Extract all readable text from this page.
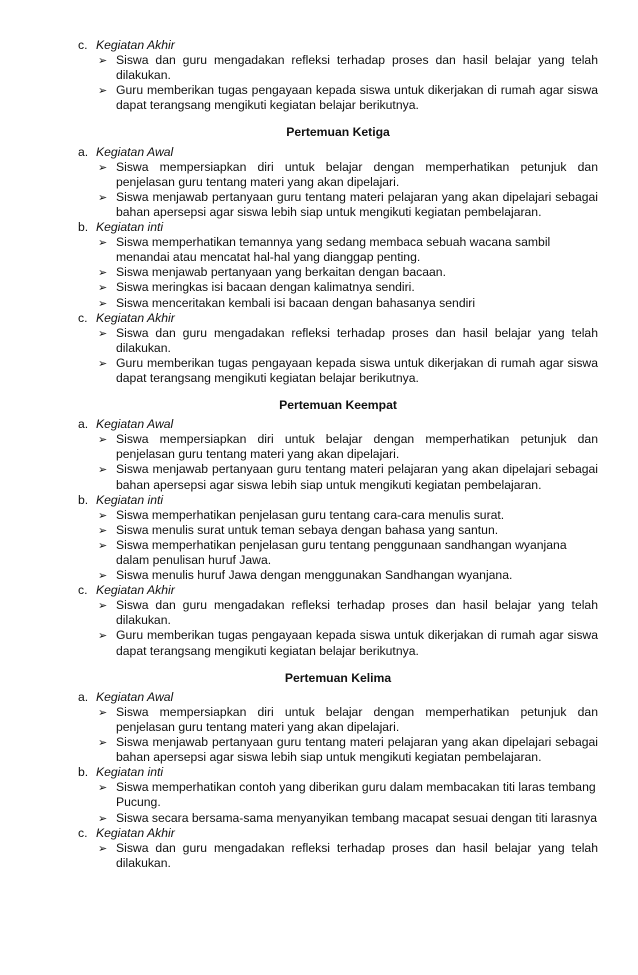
c. Kegiatan Akhir
➢ Siswa dan guru mengadakan refleksi terhadap proses dan hasil belajar yang telah dilakukan.
➢ Guru memberikan tugas pengayaan kepada siswa untuk dikerjakan di rumah agar siswa dapat terangsang mengikuti kegiatan belajar berikutnya.
Pertemuan Ketiga
a. Kegiatan Awal
➢ Siswa mempersiapkan diri untuk belajar dengan memperhatikan petunjuk dan penjelasan guru tentang materi yang akan dipelajari.
➢ Siswa menjawab pertanyaan guru tentang materi pelajaran yang akan dipelajari sebagai bahan apersepsi agar siswa lebih siap untuk mengikuti kegiatan pembelajaran.
b. Kegiatan inti
➢ Siswa memperhatikan temannya yang sedang membaca sebuah wacana sambil menandai atau mencatat hal-hal yang dianggap penting.
➢ Siswa menjawab pertanyaan yang berkaitan dengan bacaan.
➢ Siswa meringkas isi bacaan dengan kalimatnya sendiri.
➢ Siswa menceritakan kembali isi bacaan dengan bahasanya sendiri
c. Kegiatan Akhir
➢ Siswa dan guru mengadakan refleksi terhadap proses dan hasil belajar yang telah dilakukan.
➢ Guru memberikan tugas pengayaan kepada siswa untuk dikerjakan di rumah agar siswa dapat terangsang mengikuti kegiatan belajar berikutnya.
Pertemuan Keempat
a. Kegiatan Awal
➢ Siswa mempersiapkan diri untuk belajar dengan memperhatikan petunjuk dan penjelasan guru tentang materi yang akan dipelajari.
➢ Siswa menjawab pertanyaan guru tentang materi pelajaran yang akan dipelajari sebagai bahan apersepsi agar siswa lebih siap untuk mengikuti kegiatan pembelajaran.
b. Kegiatan inti
➢ Siswa memperhatikan penjelasan guru tentang cara-cara menulis surat.
➢ Siswa menulis surat untuk teman sebaya dengan bahasa yang santun.
➢ Siswa memperhatikan penjelasan guru tentang penggunaan sandhangan wyanjana dalam penulisan huruf Jawa.
➢ Siswa menulis huruf Jawa dengan menggunakan Sandhangan wyanjana.
c. Kegiatan Akhir
➢ Siswa dan guru mengadakan refleksi terhadap proses dan hasil belajar yang telah dilakukan.
➢ Guru memberikan tugas pengayaan kepada siswa untuk dikerjakan di rumah agar siswa dapat terangsang mengikuti kegiatan belajar berikutnya.
Pertemuan Kelima
a. Kegiatan Awal
➢ Siswa mempersiapkan diri untuk belajar dengan memperhatikan petunjuk dan penjelasan guru tentang materi yang akan dipelajari.
➢ Siswa menjawab pertanyaan guru tentang materi pelajaran yang akan dipelajari sebagai bahan apersepsi agar siswa lebih siap untuk mengikuti kegiatan pembelajaran.
b. Kegiatan inti
➢ Siswa memperhatikan contoh yang diberikan guru dalam membacakan titi laras tembang Pucung.
➢ Siswa secara bersama-sama menyanyikan tembang macapat sesuai dengan titi larasnya
c. Kegiatan Akhir
➢ Siswa dan guru mengadakan refleksi terhadap proses dan hasil belajar yang telah dilakukan.
